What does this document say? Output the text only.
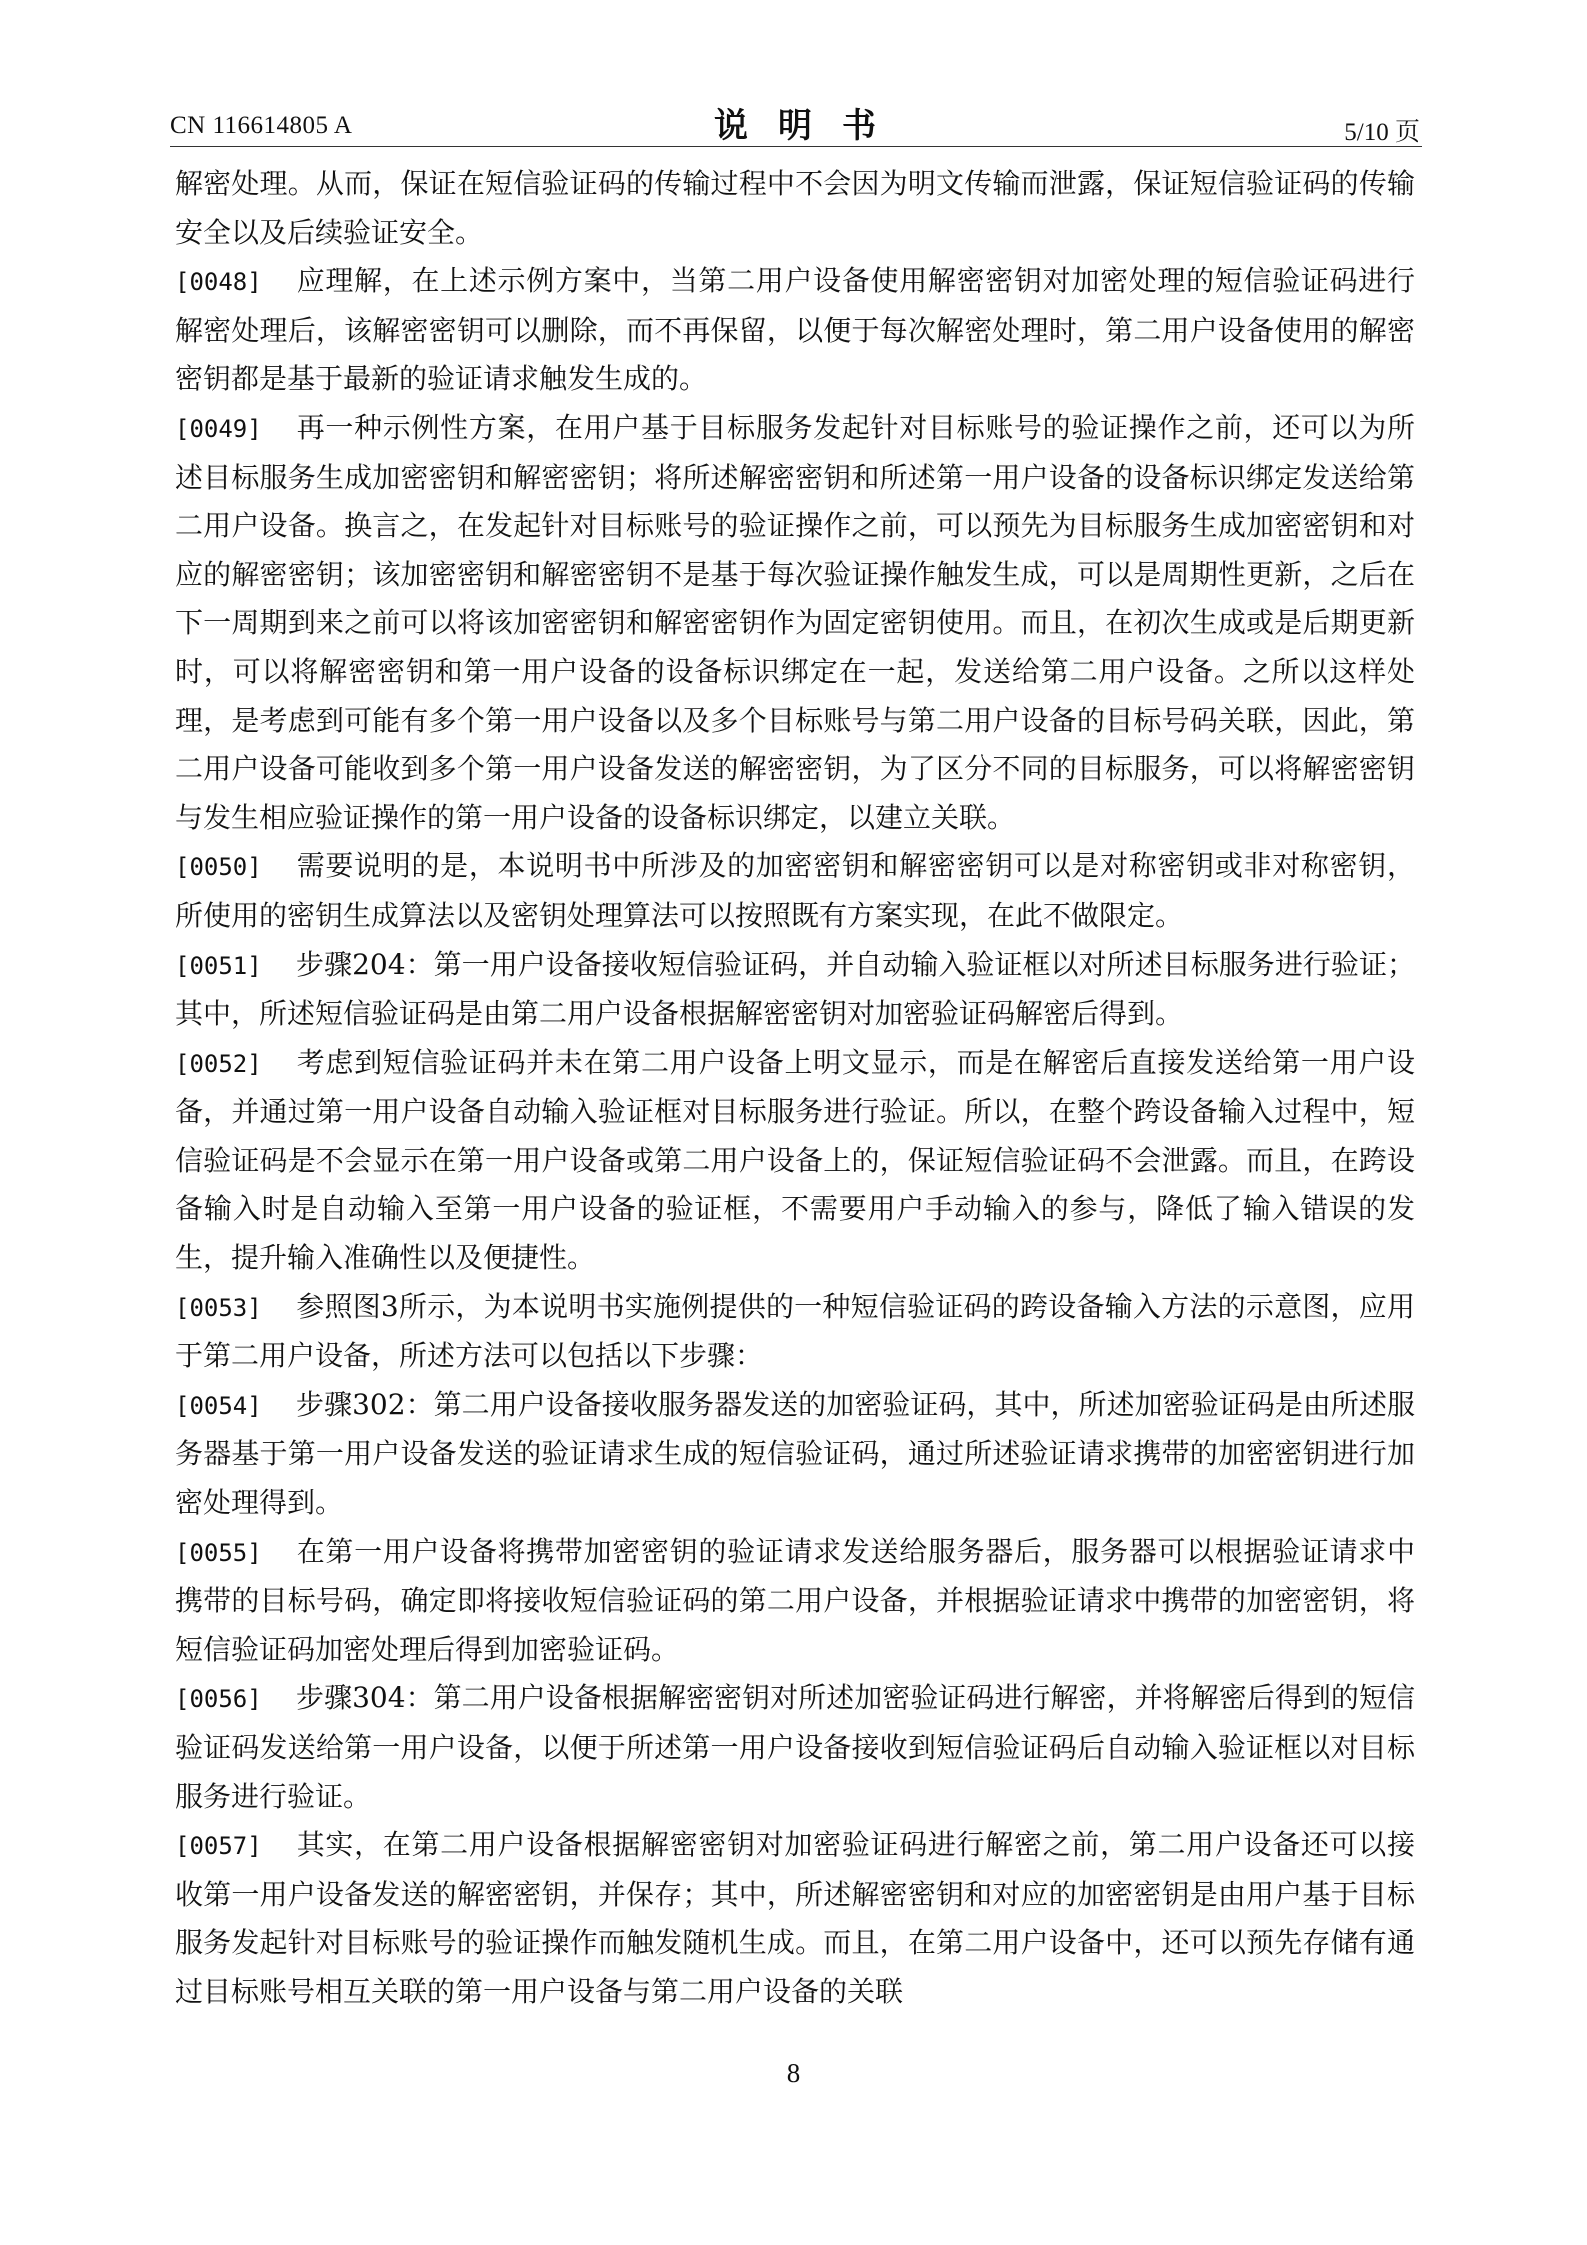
CN 116614805 A	说明书	5/10 页

解密处理。从而，保证在短信验证码的传输过程中不会因为明文传输而泄露，保证短信验证码的传输安全以及后续验证安全。

[0048] 应理解，在上述示例方案中，当第二用户设备使用解密密钥对加密处理的短信验证码进行解密处理后，该解密密钥可以删除，而不再保留，以便于每次解密处理时，第二用户设备使用的解密密钥都是基于最新的验证请求触发生成的。

[0049] 再一种示例性方案，在用户基于目标服务发起针对目标账号的验证操作之前，还可以为所述目标服务生成加密密钥和解密密钥；将所述解密密钥和所述第一用户设备的设备标识绑定发送给第二用户设备。换言之，在发起针对目标账号的验证操作之前，可以预先为目标服务生成加密密钥和对应的解密密钥；该加密密钥和解密密钥不是基于每次验证操作触发生成，可以是周期性更新，之后在下一周期到来之前可以将该加密密钥和解密密钥作为固定密钥使用。而且，在初次生成或是后期更新时，可以将解密密钥和第一用户设备的设备标识绑定在一起，发送给第二用户设备。之所以这样处理，是考虑到可能有多个第一用户设备以及多个目标账号与第二用户设备的目标号码关联，因此，第二用户设备可能收到多个第一用户设备发送的解密密钥，为了区分不同的目标服务，可以将解密密钥与发生相应验证操作的第一用户设备的设备标识绑定，以建立关联。

[0050] 需要说明的是，本说明书中所涉及的加密密钥和解密密钥可以是对称密钥或非对称密钥，所使用的密钥生成算法以及密钥处理算法可以按照既有方案实现，在此不做限定。

[0051] 步骤204：第一用户设备接收短信验证码，并自动输入验证框以对所述目标服务进行验证；其中，所述短信验证码是由第二用户设备根据解密密钥对加密验证码解密后得到。

[0052] 考虑到短信验证码并未在第二用户设备上明文显示，而是在解密后直接发送给第一用户设备，并通过第一用户设备自动输入验证框对目标服务进行验证。所以，在整个跨设备输入过程中，短信验证码是不会显示在第一用户设备或第二用户设备上的，保证短信验证码不会泄露。而且，在跨设备输入时是自动输入至第一用户设备的验证框，不需要用户手动输入的参与，降低了输入错误的发生，提升输入准确性以及便捷性。

[0053] 参照图3所示，为本说明书实施例提供的一种短信验证码的跨设备输入方法的示意图，应用于第二用户设备，所述方法可以包括以下步骤：

[0054] 步骤302：第二用户设备接收服务器发送的加密验证码，其中，所述加密验证码是由所述服务器基于第一用户设备发送的验证请求生成的短信验证码，通过所述验证请求携带的加密密钥进行加密处理得到。

[0055] 在第一用户设备将携带加密密钥的验证请求发送给服务器后，服务器可以根据验证请求中携带的目标号码，确定即将接收短信验证码的第二用户设备，并根据验证请求中携带的加密密钥，将短信验证码加密处理后得到加密验证码。

[0056] 步骤304：第二用户设备根据解密密钥对所述加密验证码进行解密，并将解密后得到的短信验证码发送给第一用户设备，以便于所述第一用户设备接收到短信验证码后自动输入验证框以对目标服务进行验证。

[0057] 其实，在第二用户设备根据解密密钥对加密验证码进行解密之前，第二用户设备还可以接收第一用户设备发送的解密密钥，并保存；其中，所述解密密钥和对应的加密密钥是由用户基于目标服务发起针对目标账号的验证操作而触发随机生成。而且，在第二用户设备中，还可以预先存储有通过目标账号相互关联的第一用户设备与第二用户设备的关联

8
